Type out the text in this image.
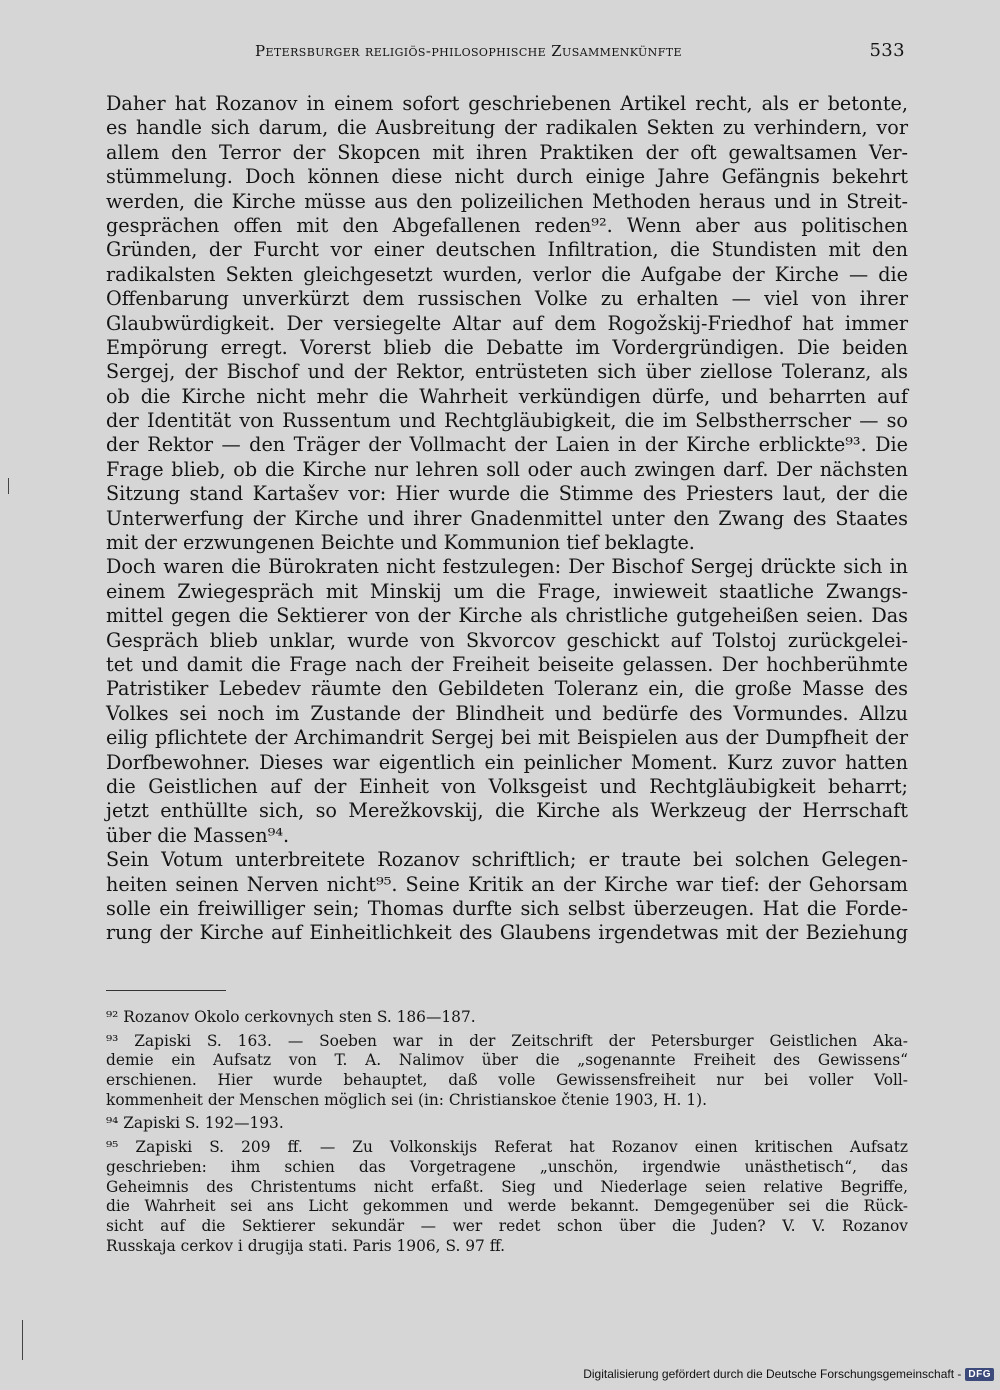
Petersburger religiös-philosophische Zusammenkünfte	533
Daher hat Rozanov in einem sofort geschriebenen Artikel recht, als er betonte,
es handle sich darum, die Ausbreitung der radikalen Sekten zu verhindern, vor
allem den Terror der Skopcen mit ihren Praktiken der oft gewaltsamen Ver-
stümmelung. Doch können diese nicht durch einige Jahre Gefängnis bekehrt
werden, die Kirche müsse aus den polizeilichen Methoden heraus und in Streit-
gesprächen offen mit den Abgefallenen reden⁹². Wenn aber aus politischen
Gründen, der Furcht vor einer deutschen Infiltration, die Stundisten mit den
radikalsten Sekten gleichgesetzt wurden, verlor die Aufgabe der Kirche — die
Offenbarung unverkürzt dem russischen Volke zu erhalten — viel von ihrer
Glaubwürdigkeit. Der versiegelte Altar auf dem Rogožskij-Friedhof hat immer
Empörung erregt. Vorerst blieb die Debatte im Vordergründigen. Die beiden
Sergej, der Bischof und der Rektor, entrüsteten sich über ziellose Toleranz, als
ob die Kirche nicht mehr die Wahrheit verkündigen dürfe, und beharrten auf
der Identität von Russentum und Rechtgläubigkeit, die im Selbstherrscher — so
der Rektor — den Träger der Vollmacht der Laien in der Kirche erblickte⁹³. Die
Frage blieb, ob die Kirche nur lehren soll oder auch zwingen darf. Der nächsten
Sitzung stand Kartašev vor: Hier wurde die Stimme des Priesters laut, der die
Unterwerfung der Kirche und ihrer Gnadenmittel unter den Zwang des Staates
mit der erzwungenen Beichte und Kommunion tief beklagte.
Doch waren die Bürokraten nicht festzulegen: Der Bischof Sergej drückte sich in
einem Zwiegespräch mit Minskij um die Frage, inwieweit staatliche Zwangs-
mittel gegen die Sektierer von der Kirche als christliche gutgeheißen seien. Das
Gespräch blieb unklar, wurde von Skvorcov geschickt auf Tolstoj zurückgelei-
tet und damit die Frage nach der Freiheit beiseite gelassen. Der hochberühmte
Patristiker Lebedev räumte den Gebildeten Toleranz ein, die große Masse des
Volkes sei noch im Zustande der Blindheit und bedürfe des Vormundes. Allzu
eilig pflichtete der Archimandrit Sergej bei mit Beispielen aus der Dumpfheit der
Dorfbewohner. Dieses war eigentlich ein peinlicher Moment. Kurz zuvor hatten
die Geistlichen auf der Einheit von Volksgeist und Rechtgläubigkeit beharrt;
jetzt enthüllte sich, so Merežkovskij, die Kirche als Werkzeug der Herrschaft
über die Massen⁹⁴.
Sein Votum unterbreitete Rozanov schriftlich; er traute bei solchen Gelegen-
heiten seinen Nerven nicht⁹⁵. Seine Kritik an der Kirche war tief: der Gehorsam
solle ein freiwilliger sein; Thomas durfte sich selbst überzeugen. Hat die Forde-
rung der Kirche auf Einheitlichkeit des Glaubens irgendetwas mit der Beziehung
⁹² Rozanov Okolo cerkovnych sten S. 186—187.
⁹³ Zapiski S. 163. — Soeben war in der Zeitschrift der Petersburger Geistlichen Aka-
demie ein Aufsatz von T. A. Nalimov über die „sogenannte Freiheit des Gewissens“
erschienen. Hier wurde behauptet, daß volle Gewissensfreiheit nur bei voller Voll-
kommenheit der Menschen möglich sei (in: Christianskoe čtenie 1903, H. 1).
⁹⁴ Zapiski S. 192—193.
⁹⁵ Zapiski S. 209 ff. — Zu Volkonskijs Referat hat Rozanov einen kritischen Aufsatz
geschrieben: ihm schien das Vorgetragene „unschön, irgendwie unästhetisch“, das
Geheimnis des Christentums nicht erfaßt. Sieg und Niederlage seien relative Begriffe,
die Wahrheit sei ans Licht gekommen und werde bekannt. Demgegenüber sei die Rück-
sicht auf die Sektierer sekundär — wer redet schon über die Juden? V. V. Rozanov
Russkaja cerkov i drugija stati. Paris 1906, S. 97 ff.
Digitalisierung gefördert durch die Deutsche Forschungsgemeinschaft - DFG
